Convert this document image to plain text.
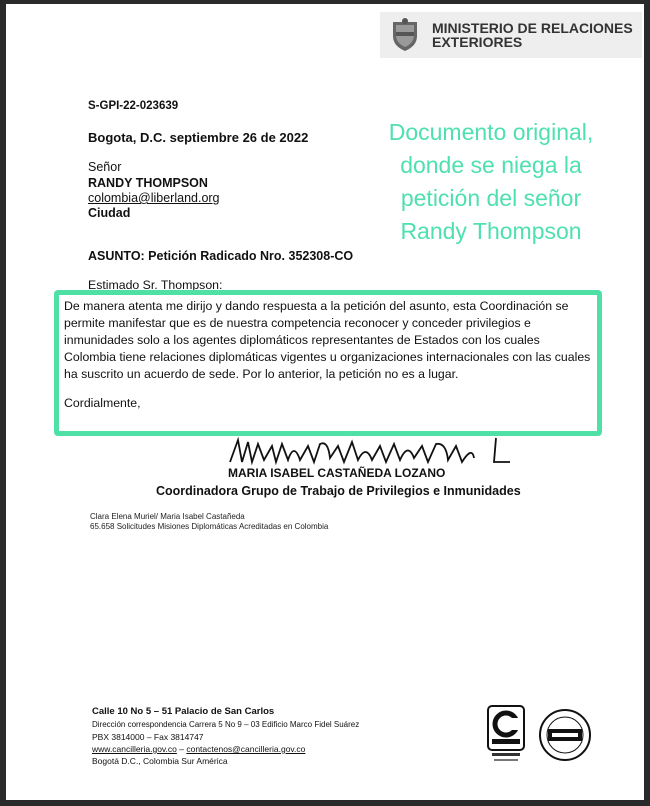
MINISTERIO DE RELACIONES
EXTERIORES
S-GPI-22-023639
Bogota, D.C. septiembre 26 de 2022
Señor
RANDY THOMPSON
colombia@liberland.org
Ciudad
ASUNTO: Petición Radicado Nro. 352308-CO
Estimado Sr. Thompson:
Documento original,
donde se niega la
petición del señor
Randy Thompson

De manera atenta me dirijo y dando respuesta a la petición del asunto, esta Coordinación se permite manifestar que es de nuestra competencia reconocer y conceder privilegios e inmunidades solo a los agentes diplomáticos representantes de Estados con los cuales Colombia tiene relaciones diplomáticas vigentes u organizaciones internacionales con las cuales ha suscrito un acuerdo de sede. Por lo anterior, la petición no es a lugar.

Cordialmente,
MARIA ISABEL CASTAÑEDA LOZANO
Coordinadora Grupo de Trabajo de Privilegios e Inmunidades
Clara Elena Muriel/ Maria Isabel Castañeda
65.658 Solicitudes Misiones Diplomáticas Acreditadas en Colombia
Calle 10 No 5 – 51 Palacio de San Carlos
Dirección correspondencia Carrera 5 No 9 – 03 Edificio Marco Fidel Suárez
PBX 3814000 – Fax 3814747
www.cancilleria.gov.co – contactenos@cancilleria.gov.co
Bogotá D.C., Colombia Sur América
